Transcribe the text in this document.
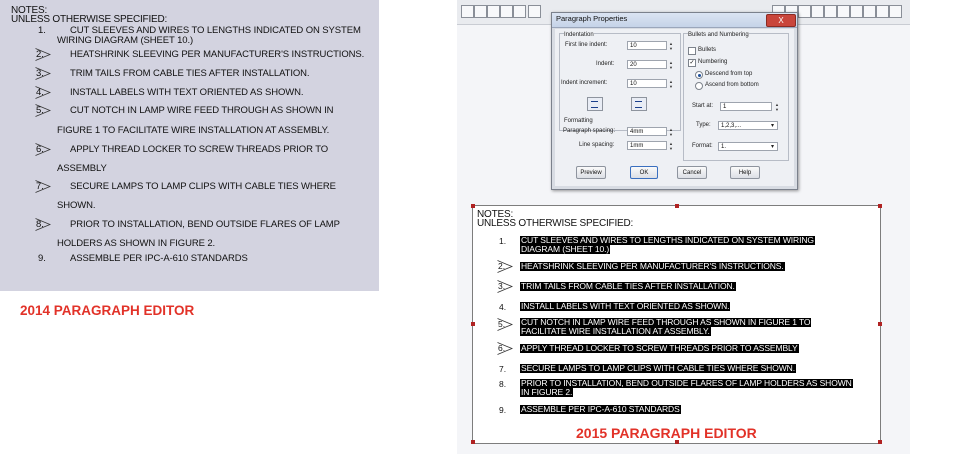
NOTES:
UNLESS OTHERWISE SPECIFIED:
1.	CUT SLEEVES AND WIRES TO LENGTHS INDICATED ON SYSTEM
WIRING DIAGRAM (SHEET 10.)
2.	HEATSHRINK SLEEVING PER MANUFACTURER'S INSTRUCTIONS.
3.	TRIM TAILS FROM CABLE TIES AFTER INSTALLATION.
4.	INSTALL LABELS WITH TEXT ORIENTED AS SHOWN.
5.	CUT NOTCH IN LAMP WIRE FEED THROUGH AS SHOWN IN
FIGURE 1 TO FACILITATE WIRE INSTALLATION AT ASSEMBLY.
6.	APPLY THREAD LOCKER TO SCREW THREADS PRIOR TO
ASSEMBLY
7.	SECURE LAMPS TO LAMP CLIPS WITH CABLE TIES WHERE
SHOWN.
8.	PRIOR TO INSTALLATION, BEND OUTSIDE FLARES OF LAMP
HOLDERS AS SHOWN IN FIGURE 2.
9.	ASSEMBLE PER IPC-A-610 STANDARDS
2014 PARAGRAPH EDITOR
Paragraph Properties	X
Indentation
First line indent:	10	▲
▼
Indent:	20	▲
▼
Indent increment:	10	▲
▼
Formatting
Paragraph spacing:	4mm	▲
▼
Line spacing:	1mm	▲
▼
Bullets and Numbering
Bullets
✓ Numbering
Descend from top
Ascend from bottom
Start at:	1	▲
▼
Type:	1,2,3,...	▾
Format:	1.	▾
Preview	OK	Cancel	Help
NOTES:
UNLESS OTHERWISE SPECIFIED:
1. CUT SLEEVES AND WIRES TO LENGTHS INDICATED ON SYSTEM WIRING
DIAGRAM (SHEET 10.)
2. HEATSHRINK SLEEVING PER MANUFACTURER'S INSTRUCTIONS.
3. TRIM TAILS FROM CABLE TIES AFTER INSTALLATION.
4. INSTALL LABELS WITH TEXT ORIENTED AS SHOWN.
5. CUT NOTCH IN LAMP WIRE FEED THROUGH AS SHOWN IN FIGURE 1 TO
FACILITATE WIRE INSTALLATION AT ASSEMBLY.
6. APPLY THREAD LOCKER TO SCREW THREADS PRIOR TO ASSEMBLY
7. SECURE LAMPS TO LAMP CLIPS WITH CABLE TIES WHERE SHOWN.
8. PRIOR TO INSTALLATION, BEND OUTSIDE FLARES OF LAMP HOLDERS AS SHOWN
IN FIGURE 2.
9. ASSEMBLE PER IPC-A-610 STANDARDS
2015 PARAGRAPH EDITOR
